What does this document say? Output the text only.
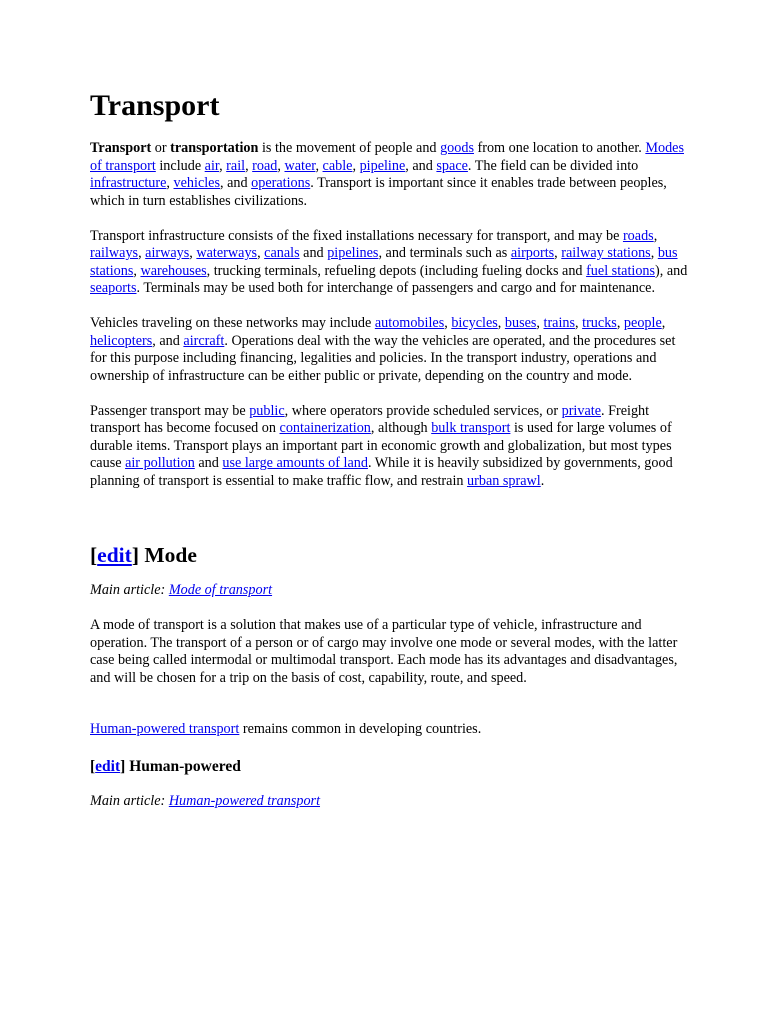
Transport

Transport or transportation is the movement of people and goods from one location to another. Modes of transport include air, rail, road, water, cable, pipeline, and space. The field can be divided into infrastructure, vehicles, and operations. Transport is important since it enables trade between peoples, which in turn establishes civilizations.

Transport infrastructure consists of the fixed installations necessary for transport, and may be roads, railways, airways, waterways, canals and pipelines, and terminals such as airports, railway stations, bus stations, warehouses, trucking terminals, refueling depots (including fueling docks and fuel stations), and seaports. Terminals may be used both for interchange of passengers and cargo and for maintenance.

Vehicles traveling on these networks may include automobiles, bicycles, buses, trains, trucks, people, helicopters, and aircraft. Operations deal with the way the vehicles are operated, and the procedures set for this purpose including financing, legalities and policies. In the transport industry, operations and ownership of infrastructure can be either public or private, depending on the country and mode.

Passenger transport may be public, where operators provide scheduled services, or private. Freight transport has become focused on containerization, although bulk transport is used for large volumes of durable items. Transport plays an important part in economic growth and globalization, but most types cause air pollution and use large amounts of land. While it is heavily subsidized by governments, good planning of transport is essential to make traffic flow, and restrain urban sprawl.

[edit] Mode

Main article: Mode of transport

A mode of transport is a solution that makes use of a particular type of vehicle, infrastructure and operation. The transport of a person or of cargo may involve one mode or several modes, with the latter case being called intermodal or multimodal transport. Each mode has its advantages and disadvantages, and will be chosen for a trip on the basis of cost, capability, route, and speed.

Human-powered transport remains common in developing countries.

[edit] Human-powered

Main article: Human-powered transport
